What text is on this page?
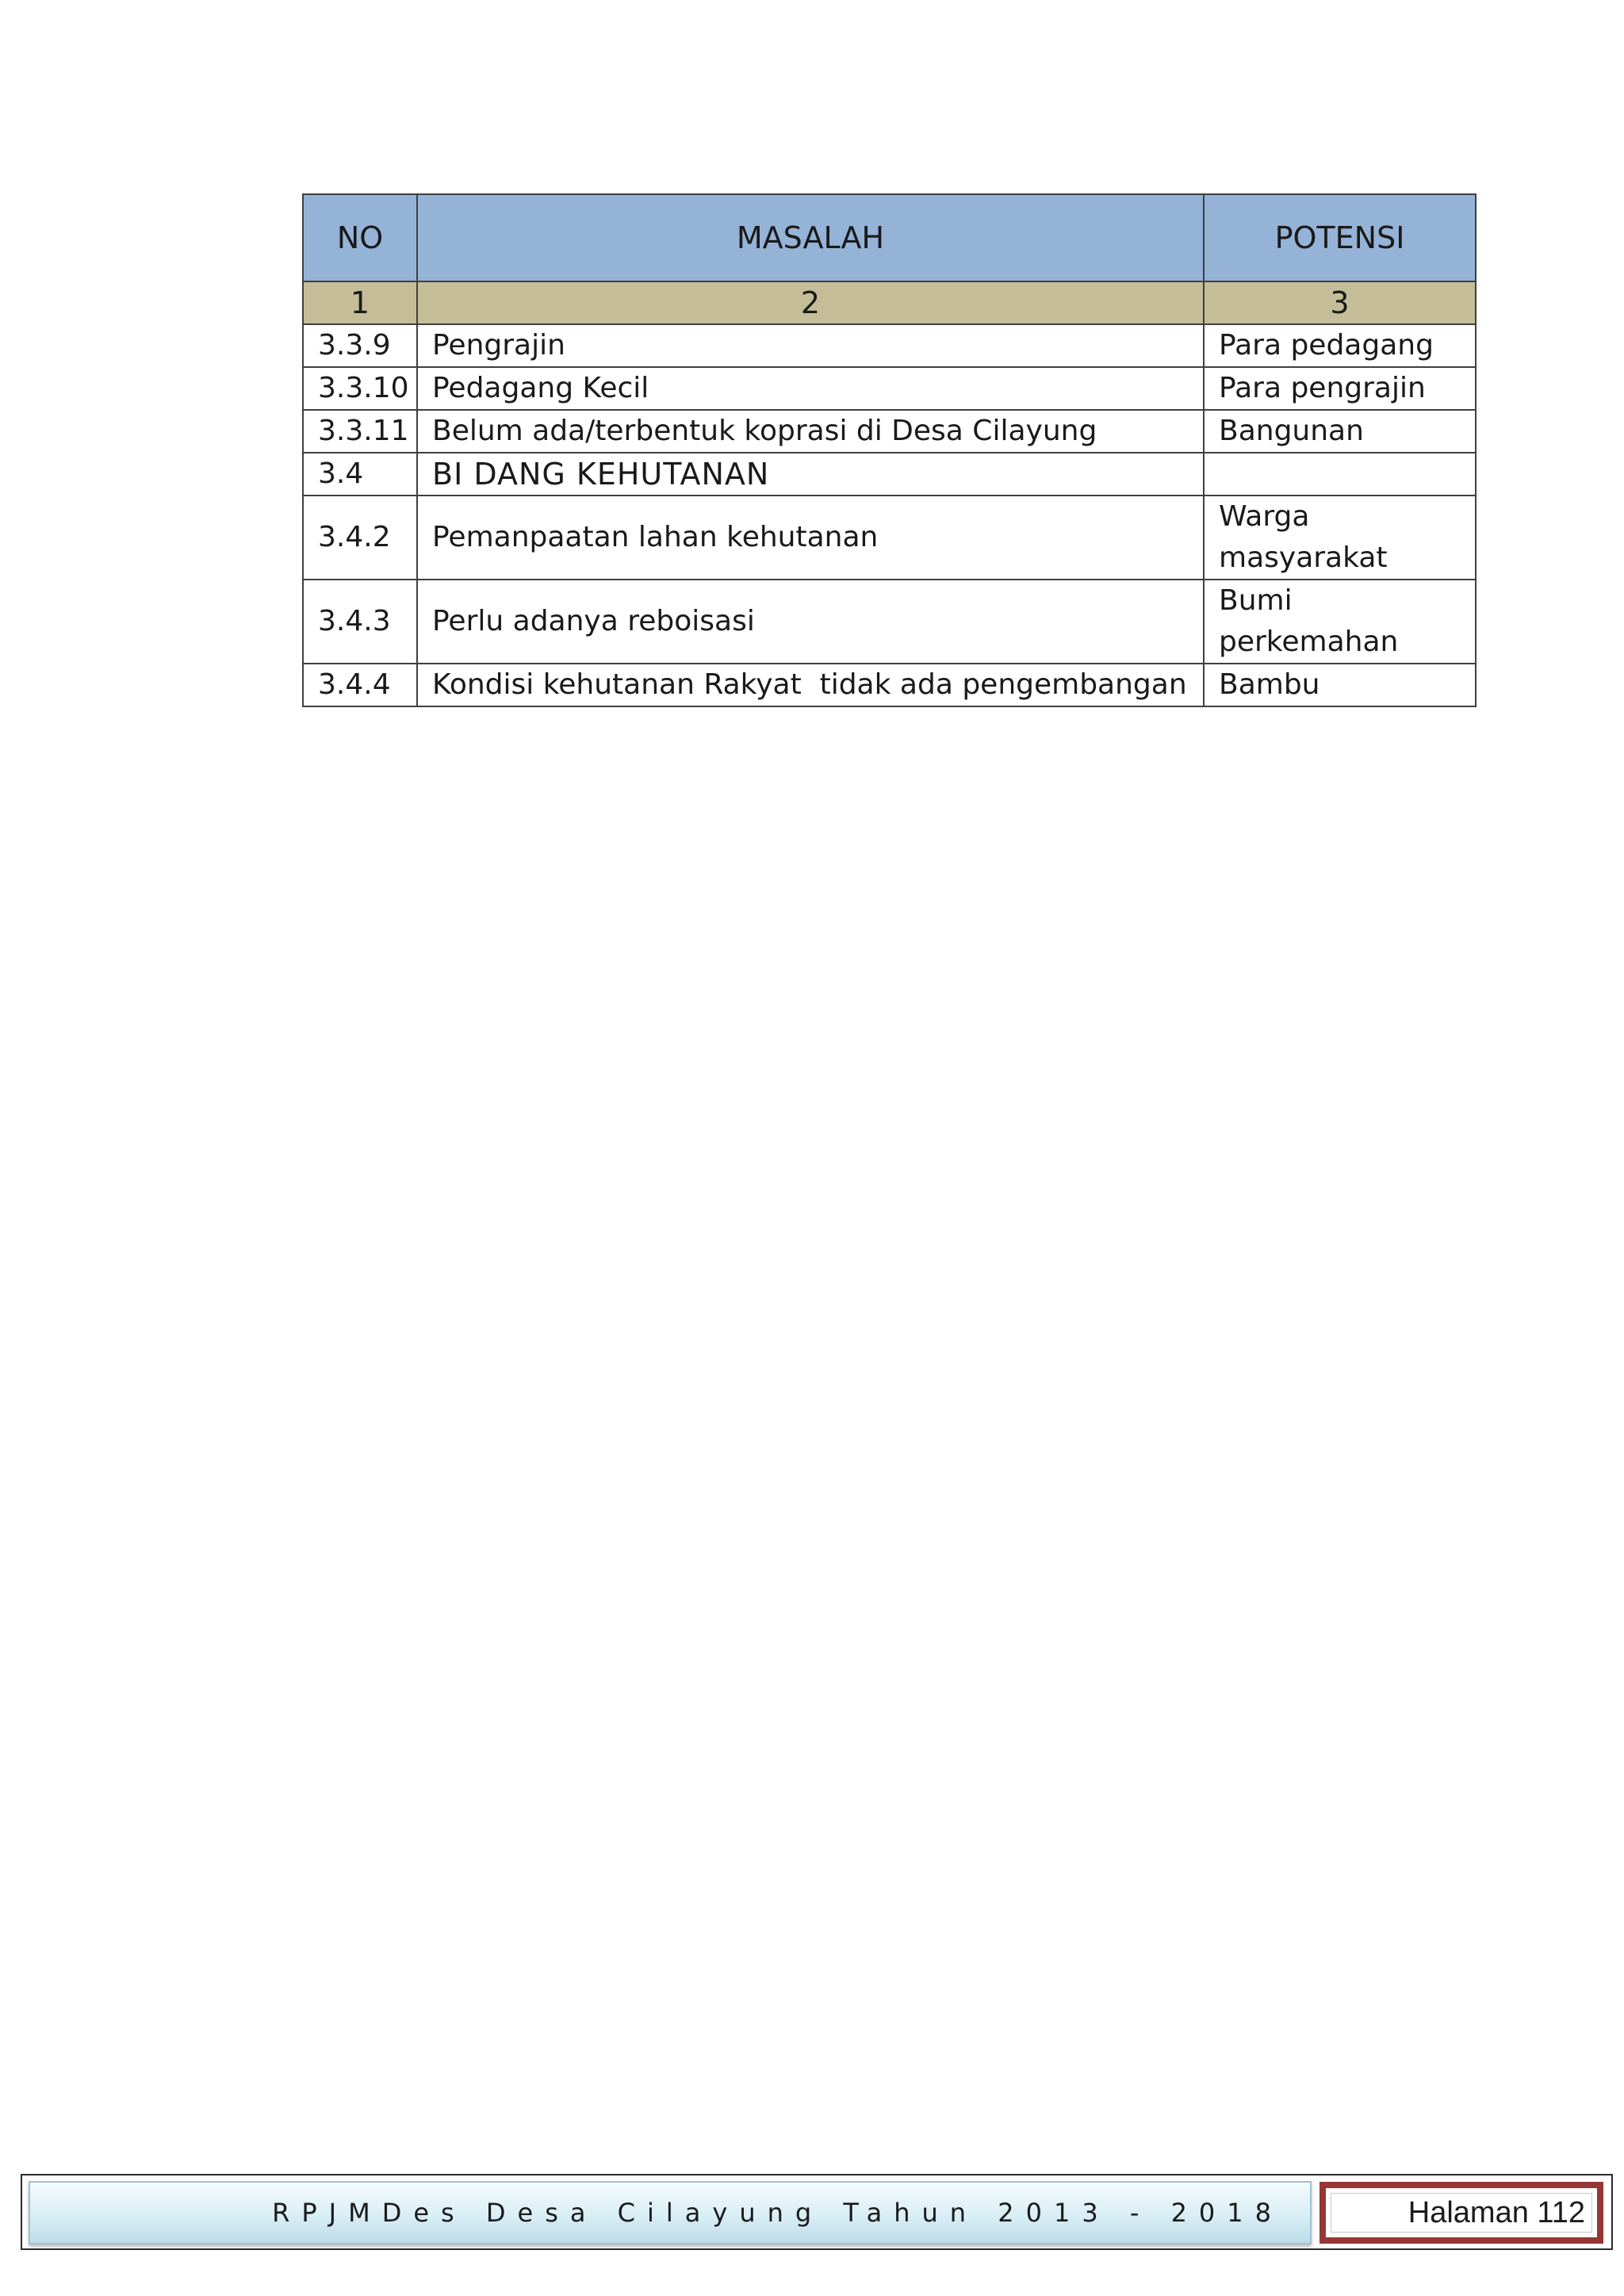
NO	MASALAH	POTENSI
1	2	3
3.3.9	Pengrajin	Para pedagang
3.3.10	Pedagang Kecil	Para pengrajin
3.3.11	Belum ada/terbentuk koprasi di Desa Cilayung	Bangunan
3.4	BI DANG KEHUTANAN	
3.4.2	Pemanpaatan lahan kehutanan	Warga
masyarakat

3.4.3	Perlu adanya reboisasi	Bumi
perkemahan

3.4.4	Kondisi kehutanan Rakyat  tidak ada pengembangan	Bambu
RPJMDes Desa Cilayung Tahun 2013 - 2018	Halaman 112
